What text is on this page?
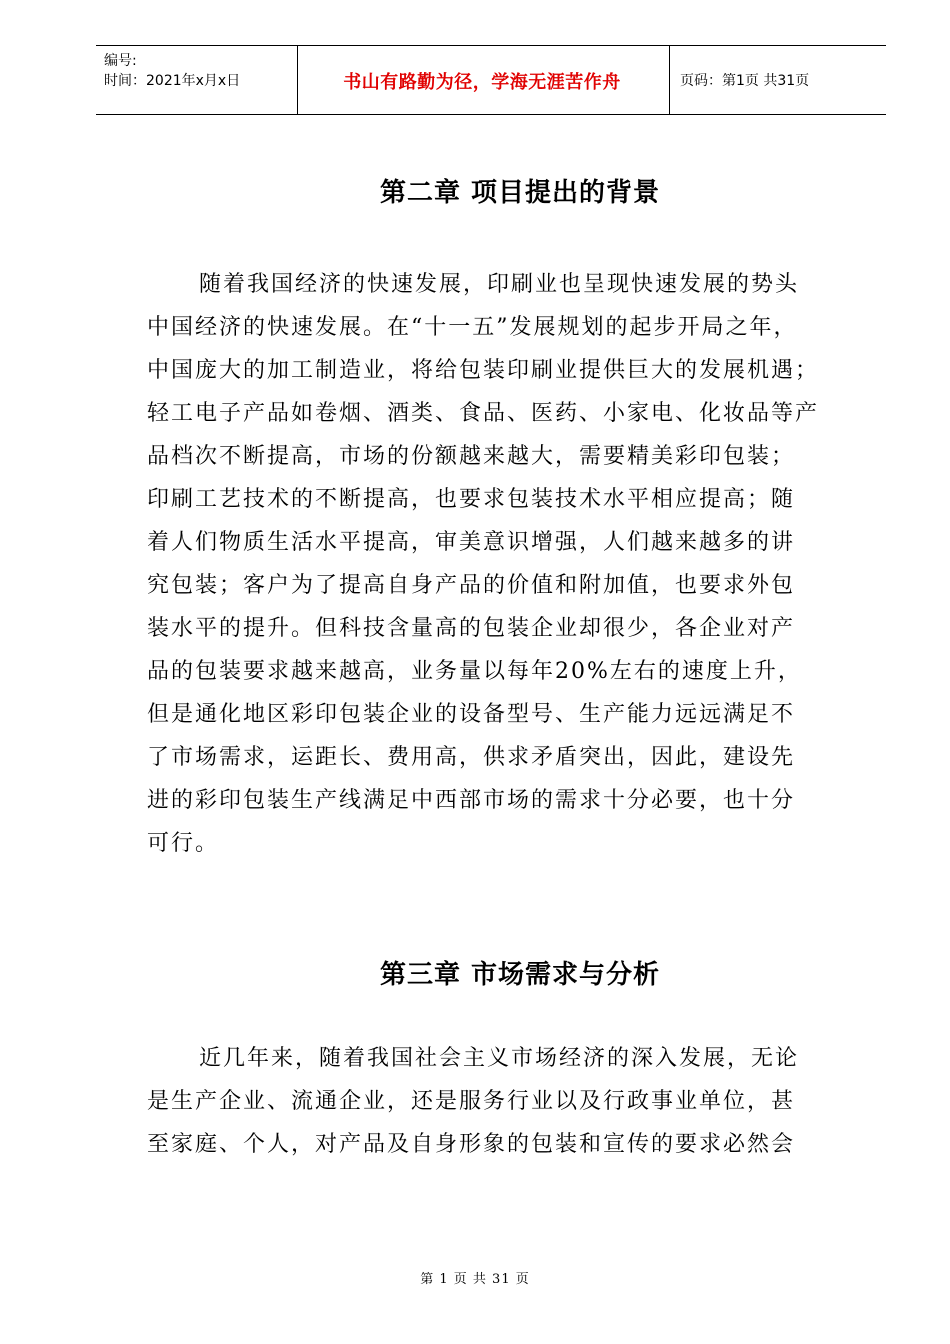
编号:
时间：2021年x月x日	书山有路勤为径，学海无涯苦作舟	页码：第1页 共31页
第二章 项目提出的背景
随着我国经济的快速发展，印刷业也呈现快速发展的势头
中国经济的快速发展。在“十一五”发展规划的起步开局之年，
中国庞大的加工制造业，将给包装印刷业提供巨大的发展机遇；
轻工电子产品如卷烟、酒类、食品、医药、小家电、化妆品等产
品档次不断提高，市场的份额越来越大，需要精美彩印包装；
印刷工艺技术的不断提高，也要求包装技术水平相应提高；随
着人们物质生活水平提高，审美意识增强，人们越来越多的讲
究包装；客户为了提高自身产品的价值和附加值，也要求外包
装水平的提升。但科技含量高的包装企业却很少，各企业对产
品的包装要求越来越高，业务量以每年20%左右的速度上升，
但是通化地区彩印包装企业的设备型号、生产能力远远满足不
了市场需求，运距长、费用高，供求矛盾突出，因此，建设先
进的彩印包装生产线满足中西部市场的需求十分必要，也十分
可行。
第三章 市场需求与分析
近几年来，随着我国社会主义市场经济的深入发展，无论
是生产企业、流通企业，还是服务行业以及行政事业单位，甚
至家庭、个人，对产品及自身形象的包装和宣传的要求必然会
第 1 页 共 31 页
